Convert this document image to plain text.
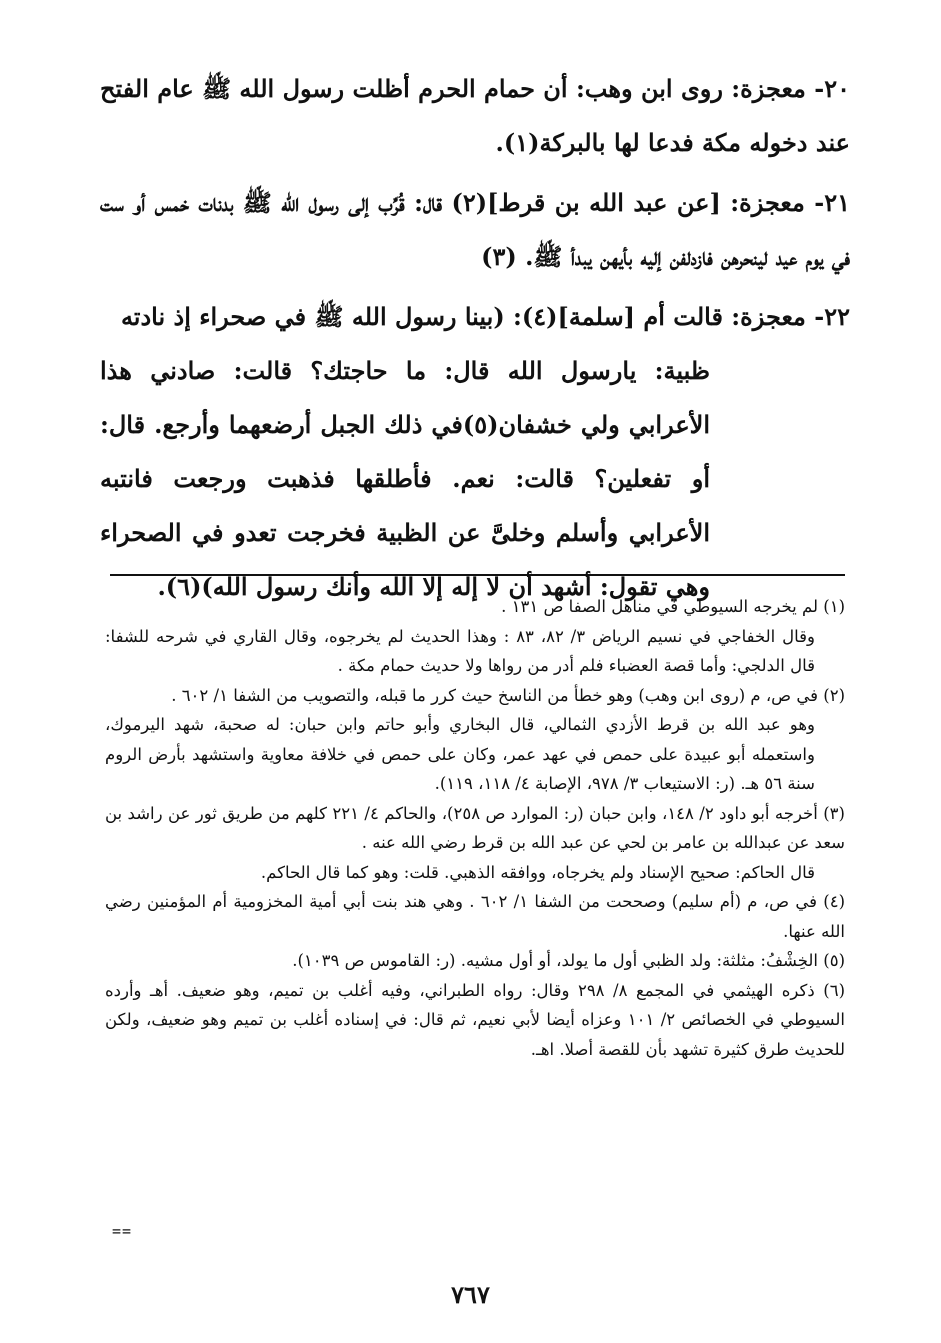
٢٠- معجزة: روى ابن وهب: أن حمام الحرم أظلت رسول الله ﷺ عام الفتح عند دخوله مكة فدعا لها بالبركة(١).

٢١- معجزة: [عن عبد الله بن قرط](٢) قال: قُرِّب إلى رسول الله ﷺ بدنات خمس أو ست في يوم عيد لينحرهن فازدلفن إليه بأيهن يبدأ ﷺ. (٣)

٢٢- معجزة: قالت أم [سلمة](٤): (بينا رسول الله ﷺ في صحراء إذ نادته
ظبية: يارسول الله قال: ما حاجتك؟ قالت: صادني هذا الأعرابي ولي خشفان(٥)في ذلك الجبل أرضعهما وأرجع. قال: أو تفعلين؟ قالت: نعم. فأطلقها فذهبت ورجعت فانتبه الأعرابي وأسلم وخلىَّ عن الظبية فخرجت تعدو في الصحراء وهي تقول: أشهد أن لا إله إلا الله وأنك رسول الله)(٦).

(١) لم يخرجه السيوطي في مناهل الصفا ص ١٣١ .

وقال الخفاجي في نسيم الرياض ٣/ ٨٢، ٨٣ : وهذا الحديث لم يخرجوه، وقال القاري في شرحه للشفا: قال الدلجي: وأما قصة العضباء فلم أدر من رواها ولا حديث حمام مكة .

(٢) في ص، م (روى ابن وهب) وهو خطأ من الناسخ حيث كرر ما قبله، والتصويب من الشفا ١/ ٦٠٢ .

وهو عبد الله بن قرط الأزدي الثمالي، قال البخاري وأبو حاتم وابن حبان: له صحبة، شهد اليرموك، واستعمله أبو عبيدة على حمص في عهد عمر، وكان على حمص في خلافة معاوية واستشهد بأرض الروم سنة ٥٦ هـ. (ر: الاستيعاب ٣/ ٩٧٨، الإصابة ٤/ ١١٨، ١١٩).

(٣) أخرجه أبو داود ٢/ ١٤٨، وابن حبان (ر: الموارد ص ٢٥٨)، والحاكم ٤/ ٢٢١ كلهم من طريق ثور عن راشد بن سعد عن عبدالله بن عامر بن لحي عن عبد الله بن قرط رضي الله عنه .

قال الحاكم: صحيح الإسناد ولم يخرجاه، ووافقه الذهبي. قلت: وهو كما قال الحاكم.

(٤) في ص، م (أم سليم) وصححت من الشفا ١/ ٦٠٢ . وهي هند بنت أبي أمية المخزومية أم المؤمنين رضي الله عنها.

(٥) الخِشْفُ: مثلثة: ولد الظبي أول ما يولد، أو أول مشيه. (ر: القاموس ص ١٠٣٩).

(٦) ذكره الهيثمي في المجمع ٨/ ٢٩٨ وقال: رواه الطبراني، وفيه أغلب بن تميم، وهو ضعيف. أهـ وأرده السيوطي في الخصائص ٢/ ١٠١ وعزاه أيضا لأبي نعيم، ثم قال: في إسناده أغلب بن تميم وهو ضعيف، ولكن للحديث طرق كثيرة تشهد بأن للقصة أصلا. اهـ.

==
٧٦٧
